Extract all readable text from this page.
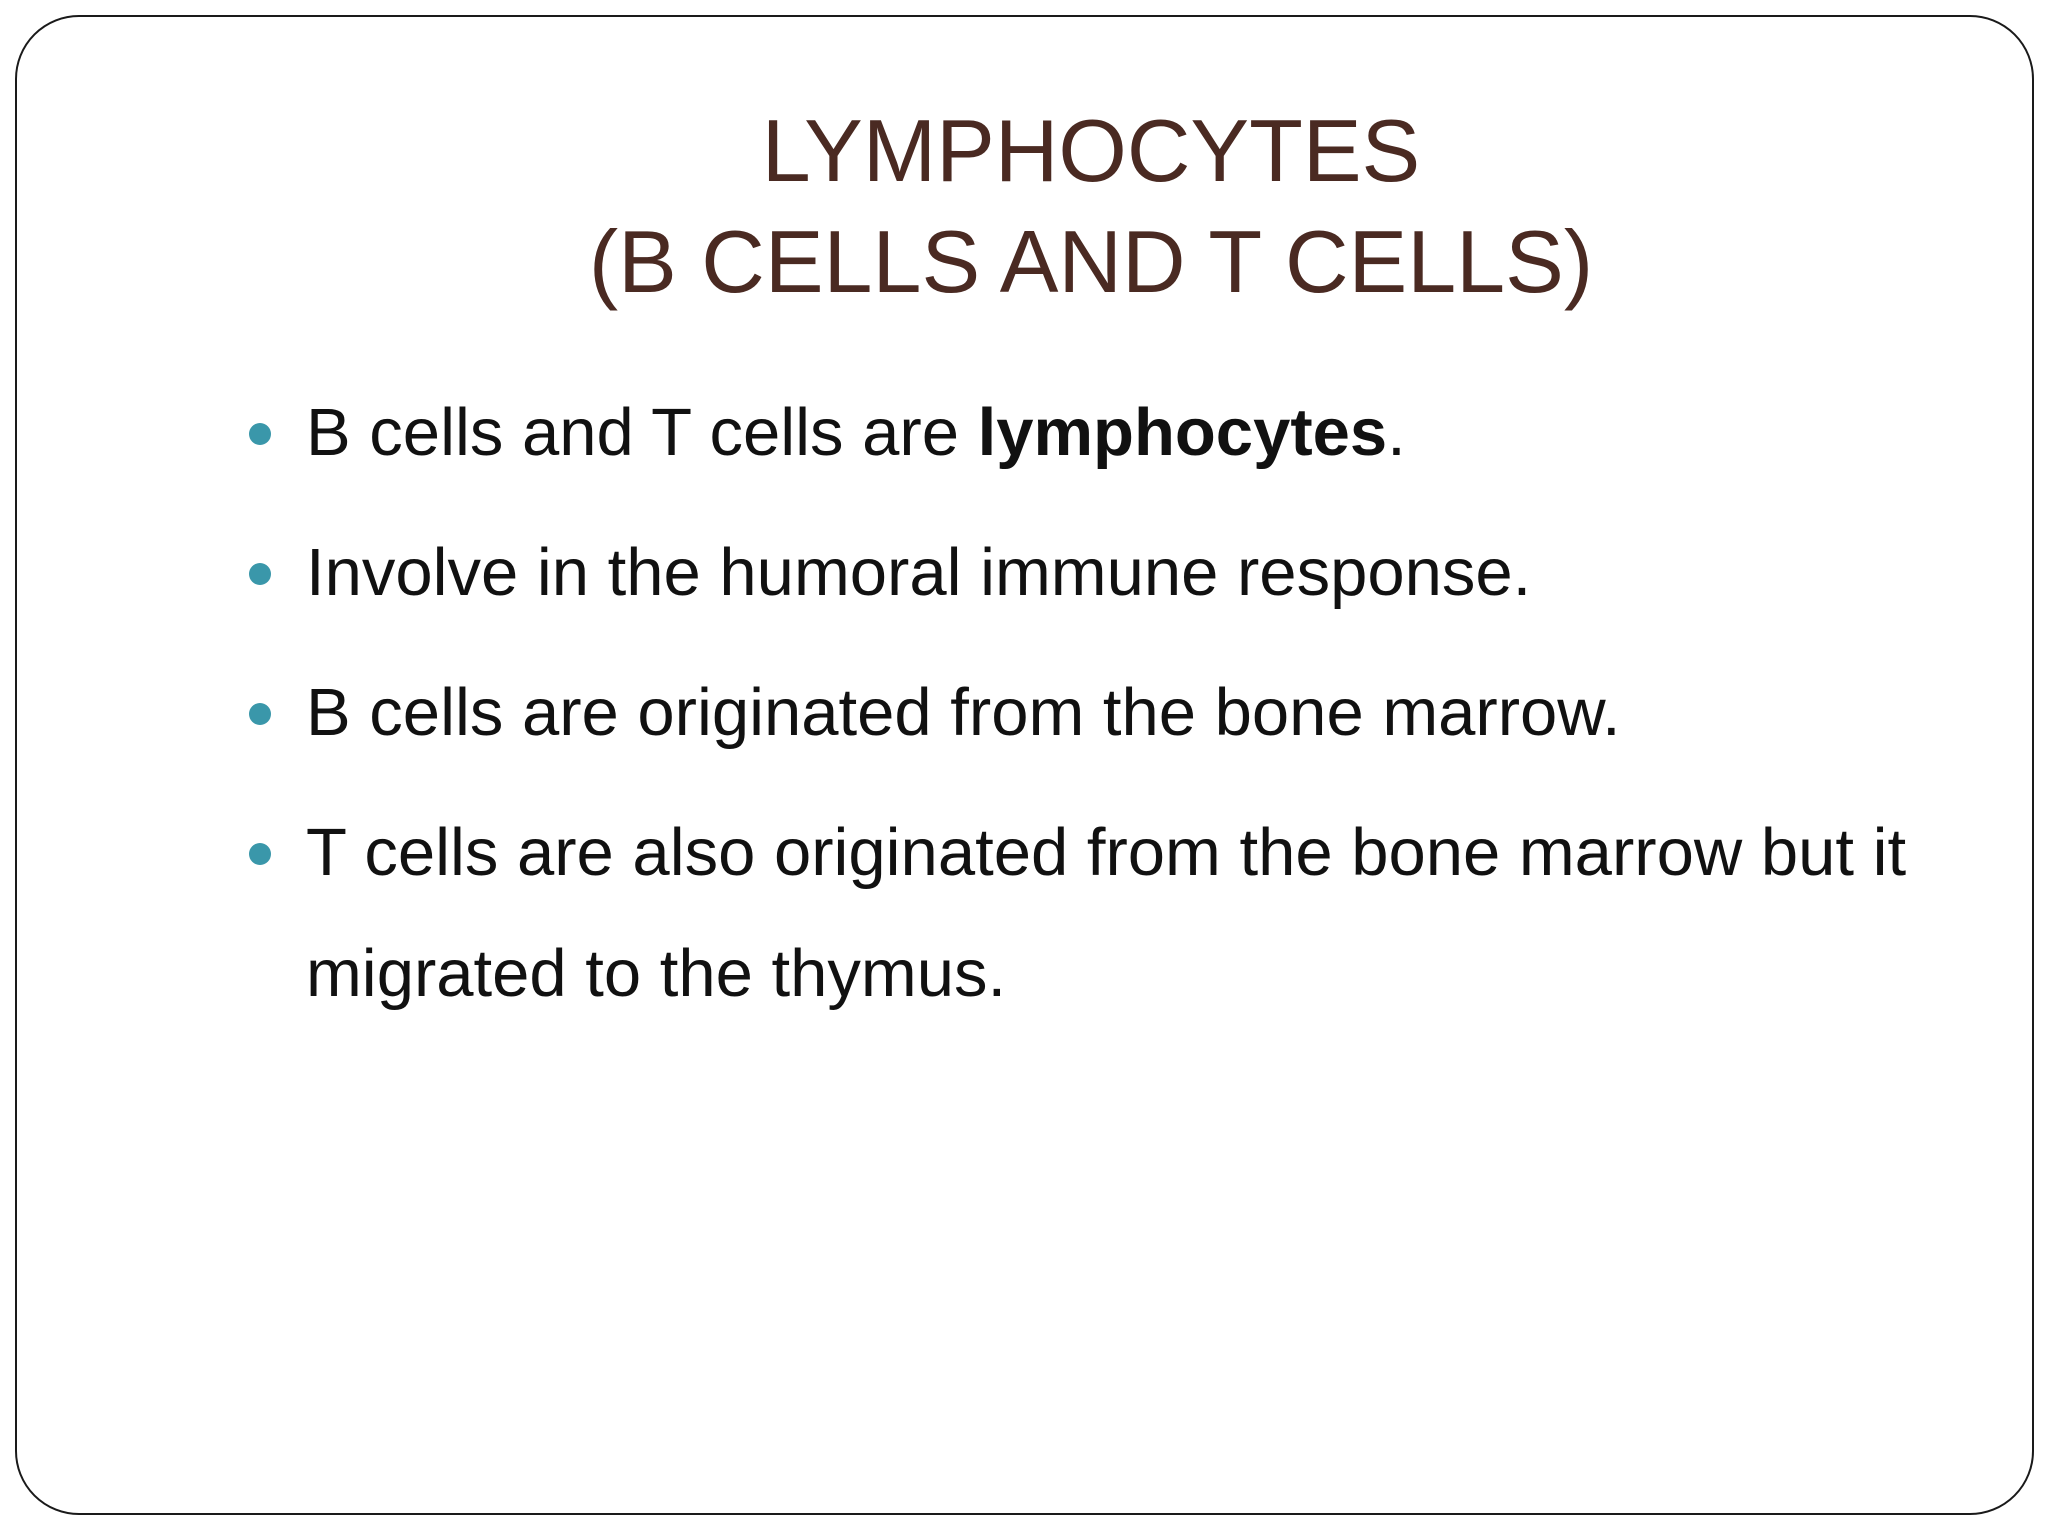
LYMPHOCYTES
(B CELLS AND T CELLS)
B cells and T cells are lymphocytes.
Involve in the humoral immune response.
B cells are originated from the bone marrow.
T cells are also originated from the bone marrow but it migrated to the thymus.
